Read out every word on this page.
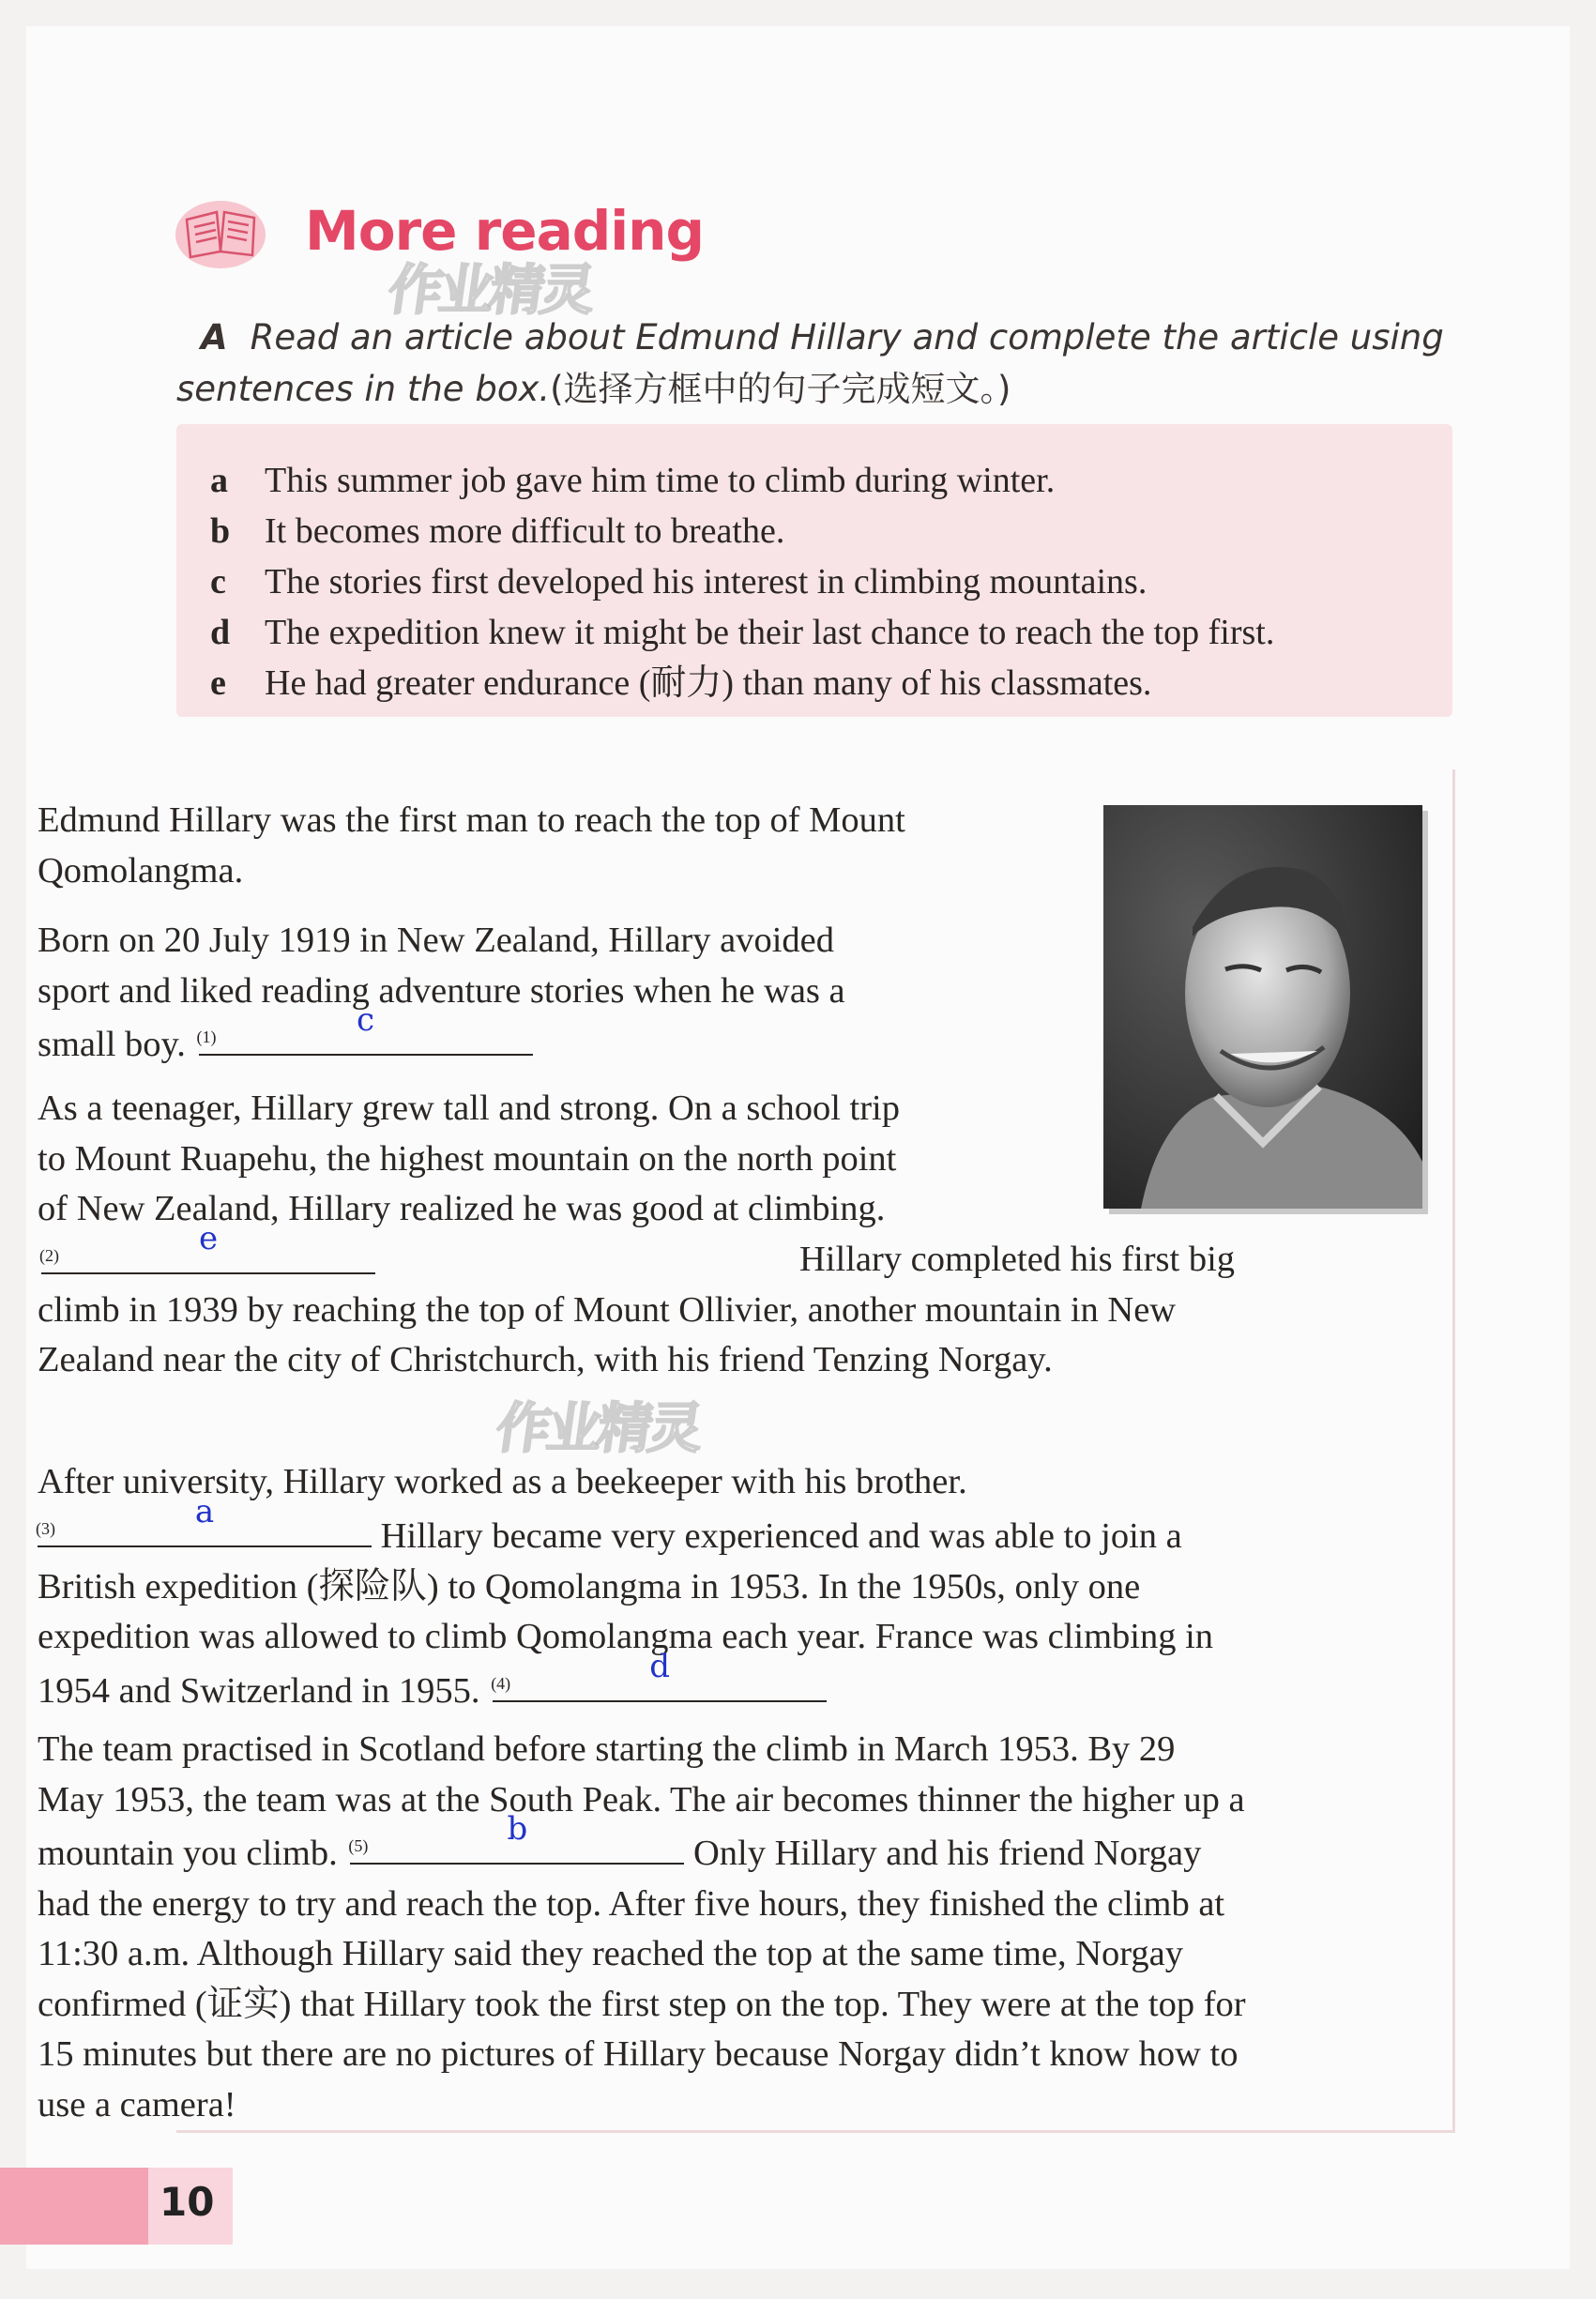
More reading
作业精灵
A Read an article about Edmund Hillary and complete the article using sentences in the box.(选择方框中的句子完成短文。)
a This summer job gave him time to climb during winter.
b It becomes more difficult to breathe.
c The stories first developed his interest in climbing mountains.
d The expedition knew it might be their last chance to reach the top first.
e He had greater endurance (耐力) than many of his classmates.
Edmund Hillary was the first man to reach the top of Mount Qomolangma.
Born on 20 July 1919 in New Zealand, Hillary avoided sport and liked reading adventure stories when he was a small boy. (1)	c
As a teenager, Hillary grew tall and strong. On a school trip to Mount Ruapehu, the highest mountain on the north point of New Zealand, Hillary realized he was good at climbing.
(2)	e
Hillary completed his first big climb in 1939 by reaching the top of Mount Ollivier, another mountain in New Zealand near the city of Christchurch, with his friend Tenzing Norgay.
作业精灵
After university, Hillary worked as a beekeeper with his brother.
(3)	a
Hillary became very experienced and was able to join a British expedition (探险队) to Qomolangma in 1953. In the 1950s, only one expedition was allowed to climb Qomolangma each year. France was climbing in 1954 and Switzerland in 1955. (4)	d
The team practised in Scotland before starting the climb in March 1953. By 29 May 1953, the team was at the South Peak. The air becomes thinner the higher up a mountain you climb. (5)	b
Only Hillary and his friend Norgay had the energy to try and reach the top. After five hours, they finished the climb at 11:30 a.m. Although Hillary said they reached the top at the same time, Norgay confirmed (证实) that Hillary took the first step on the top. They were at the top for 15 minutes but there are no pictures of Hillary because Norgay didn’t know how to use a camera!
10
